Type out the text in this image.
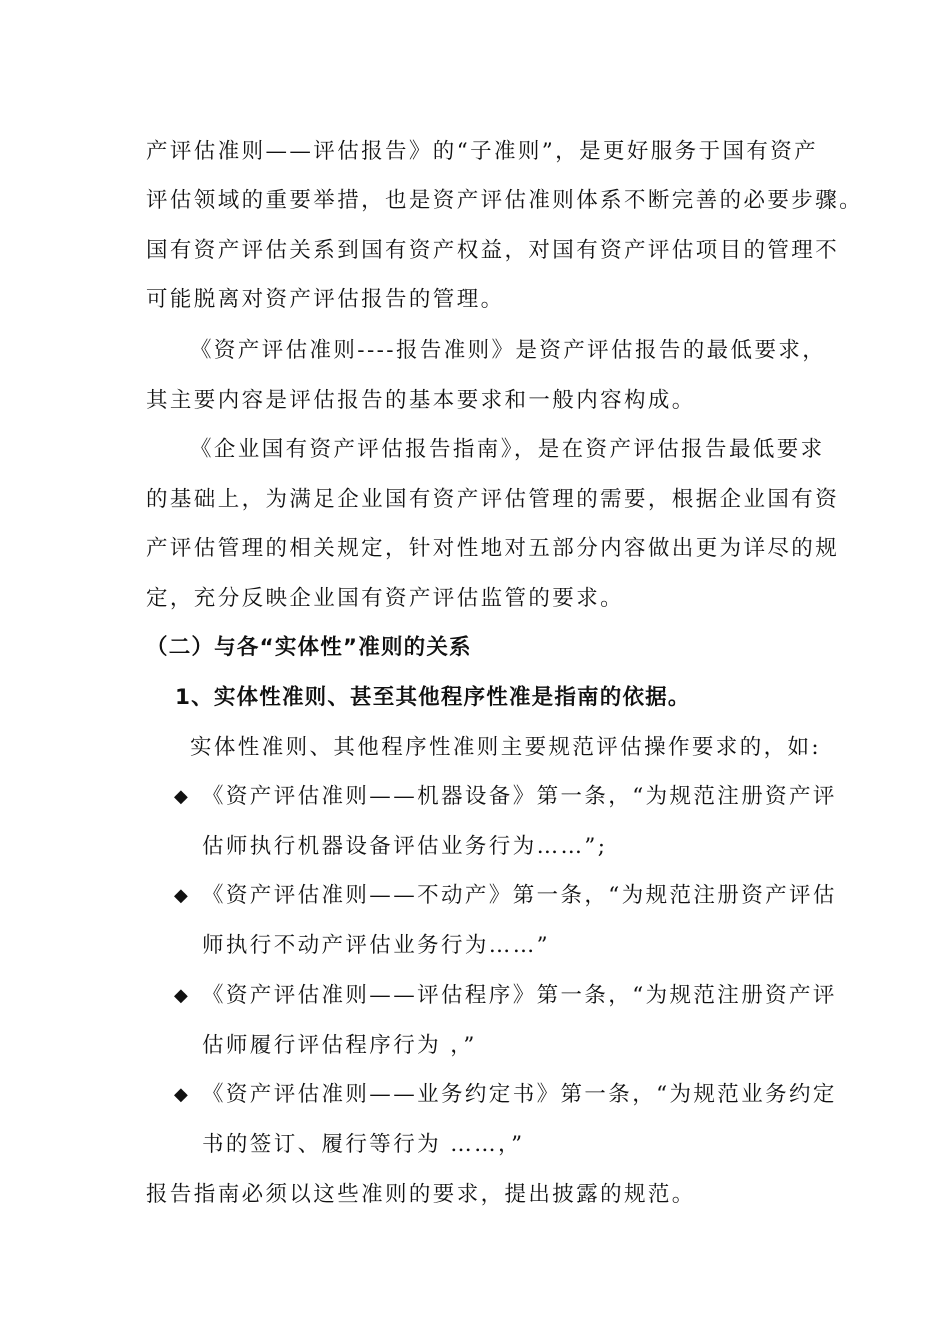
产评估准则——评估报告》的“子准则”，是更好服务于国有资产
评估领域的重要举措，也是资产评估准则体系不断完善的必要步骤。
国有资产评估关系到国有资产权益，对国有资产评估项目的管理不
可能脱离对资产评估报告的管理。
《资产评估准则----报告准则》是资产评估报告的最低要求，
其主要内容是评估报告的基本要求和一般内容构成。
《企业国有资产评估报告指南》，是在资产评估报告最低要求
的基础上，为满足企业国有资产评估管理的需要，根据企业国有资
产评估管理的相关规定，针对性地对五部分内容做出更为详尽的规
定，充分反映企业国有资产评估监管的要求。
（二）与各“实体性”准则的关系
1、实体性准则、甚至其他程序性准是指南的依据。
实体性准则、其他程序性准则主要规范评估操作要求的，如:
◆ 《资产评估准则——机器设备》第一条，“为规范注册资产评
估师执行机器设备评估业务行为……”;
◆ 《资产评估准则——不动产》第一条，“为规范注册资产评估
师执行不动产评估业务行为……”
◆ 《资产评估准则——评估程序》第一条，“为规范注册资产评
估师履行评估程序行为 ，”
◆ 《资产评估准则——业务约定书》第一条，“为规范业务约定
书的签订、履行等行为 ……，”
报告指南必须以这些准则的要求，提出披露的规范。
